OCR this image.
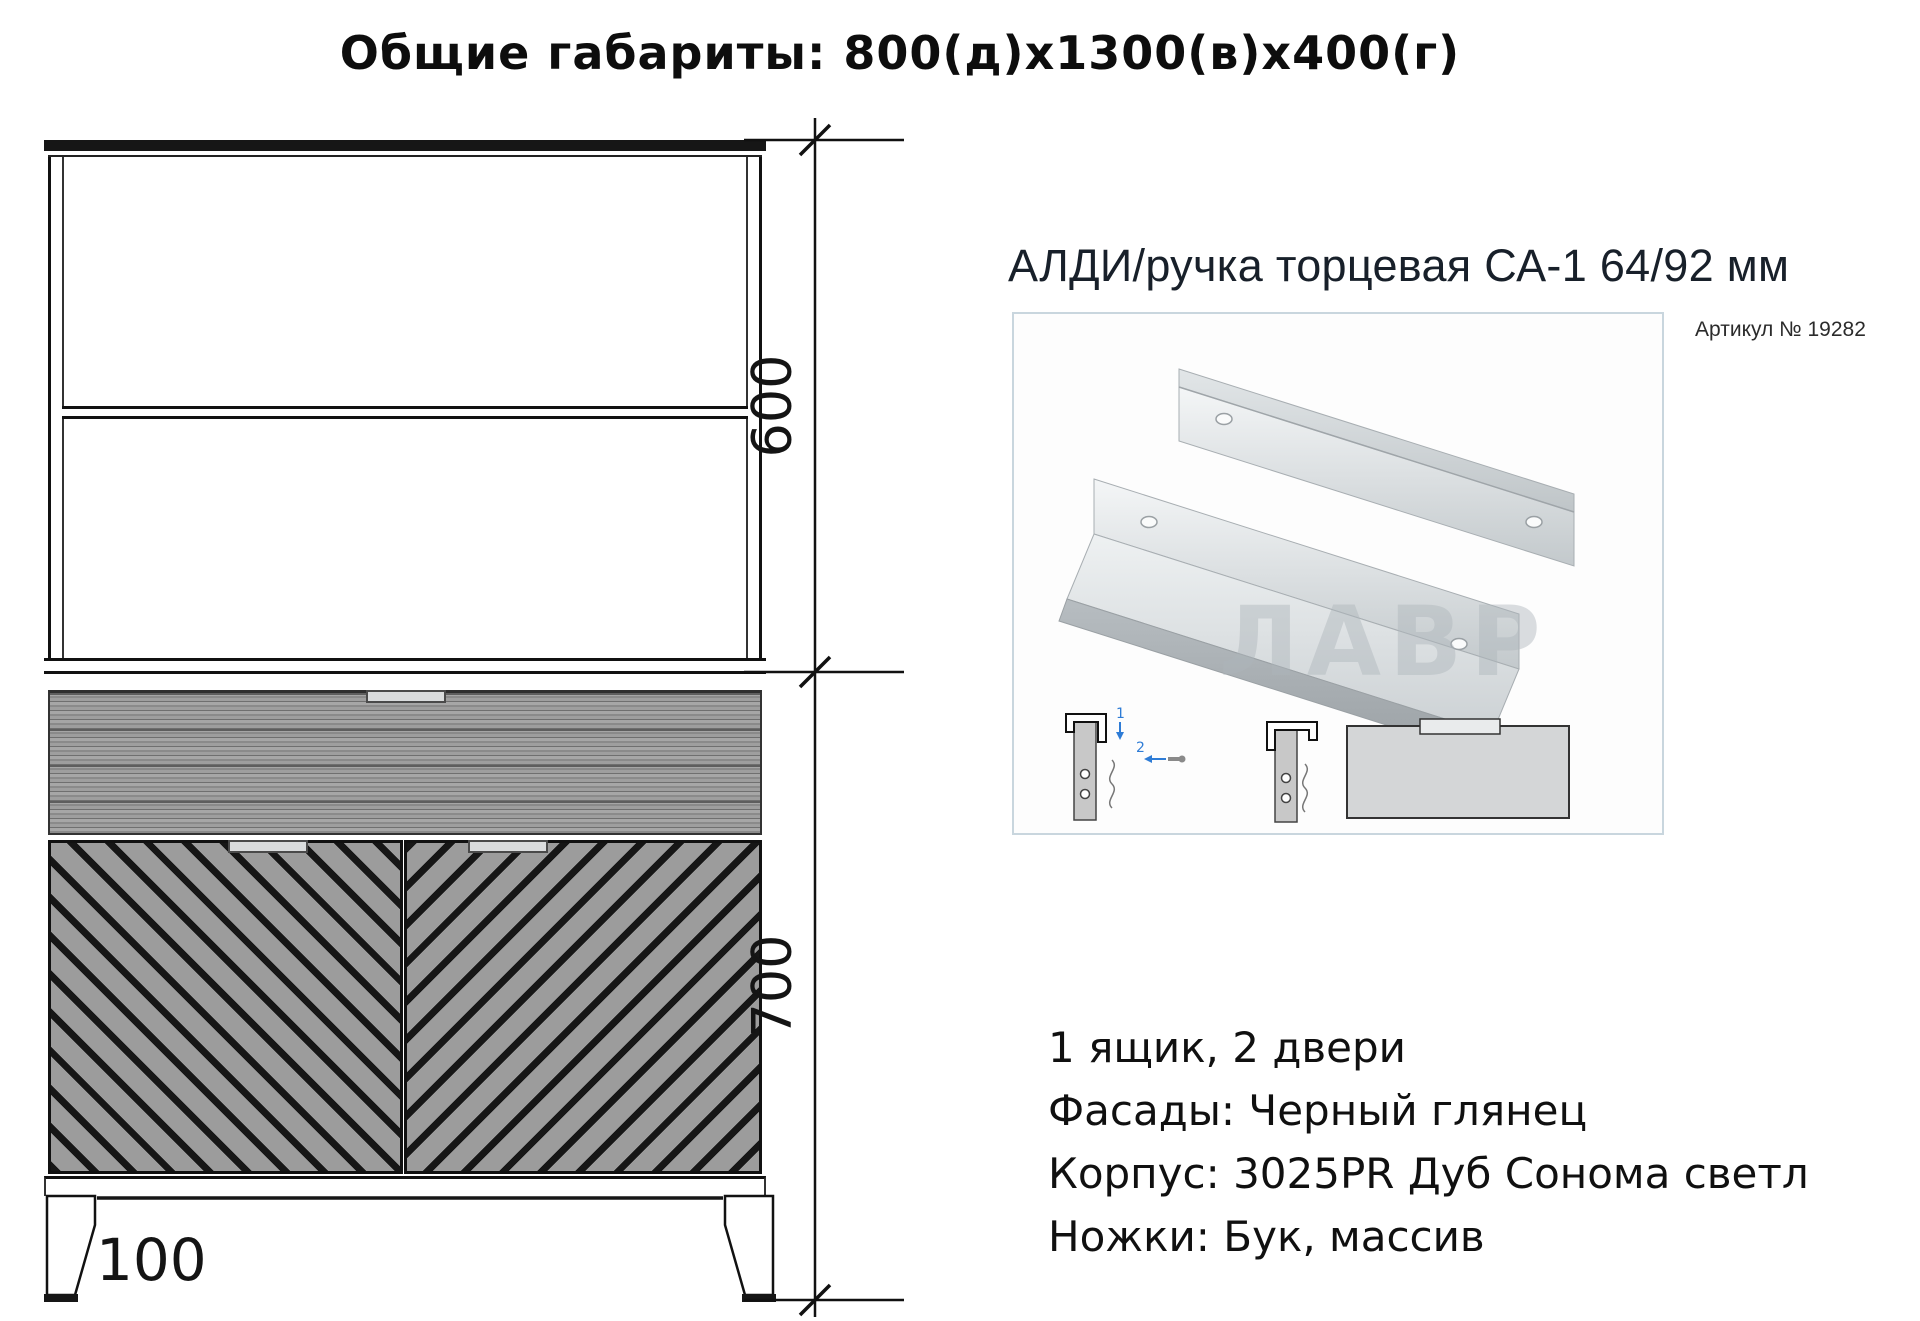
Общие габариты: 800(д)х1300(в)х400(г)
600
700
100
АЛДИ/ручка торцевая СА-1 64/92 мм
Артикул № 19282
ЛАВР
1
2
1 ящик, 2 двери
Фасады: Черный глянец
Корпус: 3025PR Дуб Сонома светл
Ножки: Бук, массив
